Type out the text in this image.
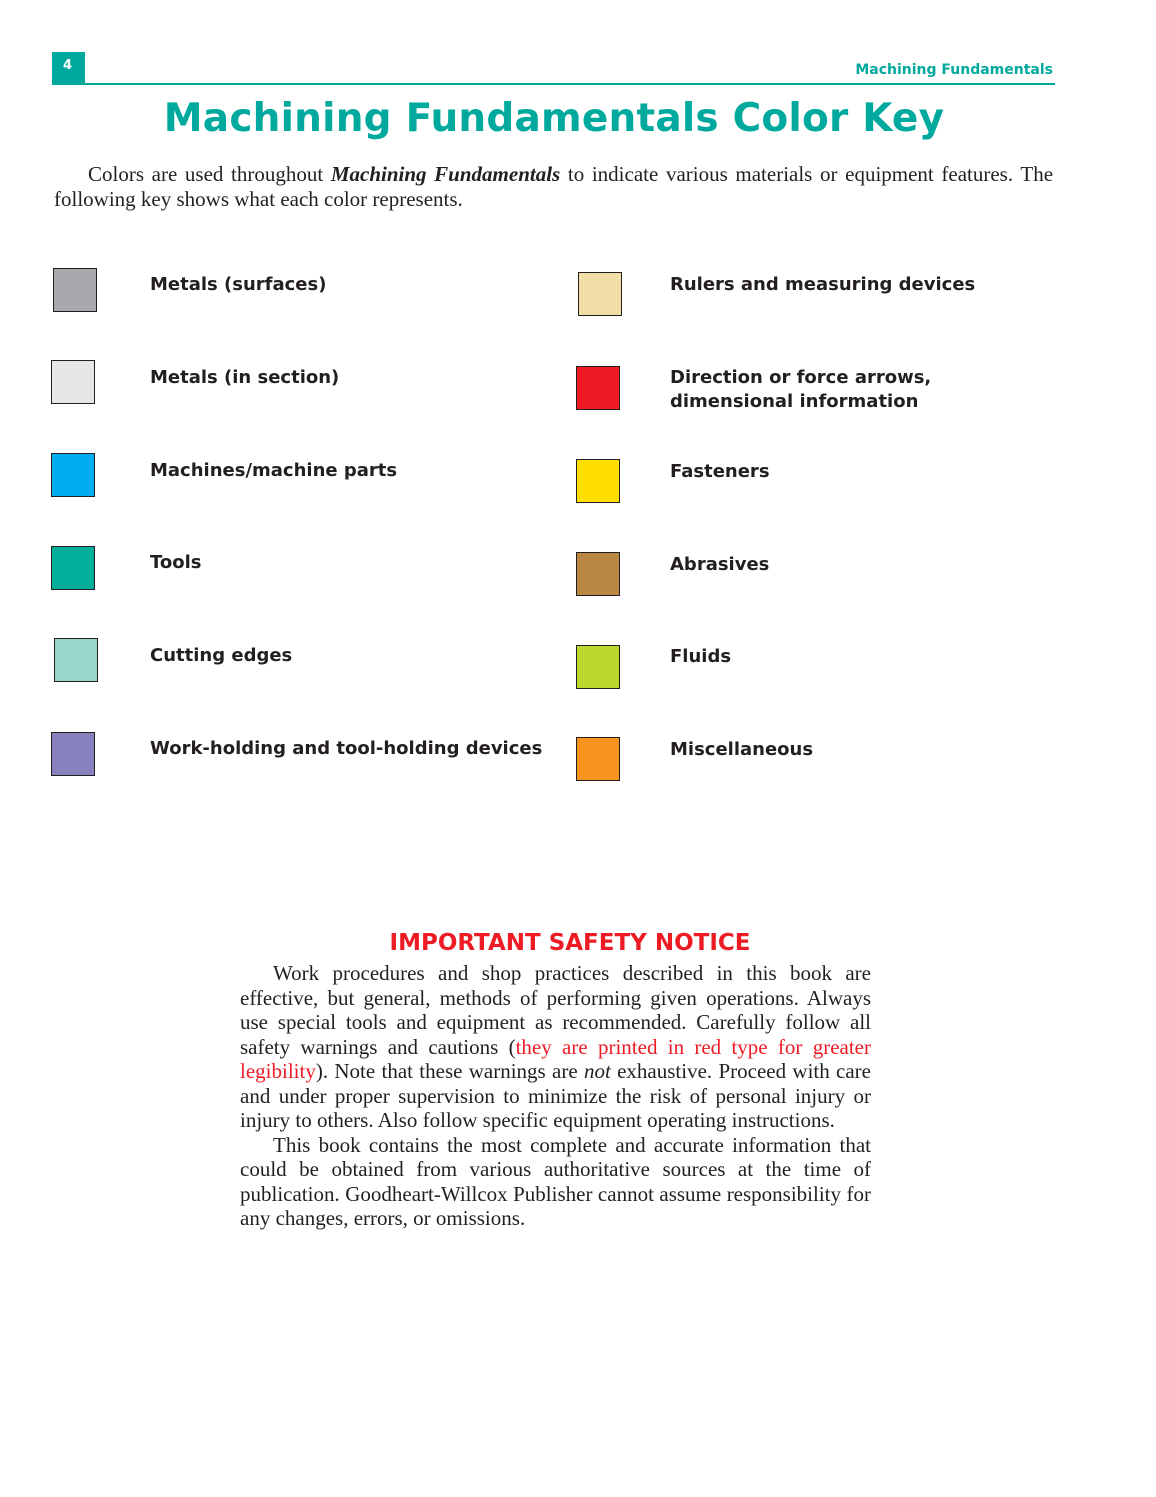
4	Machining Fundamentals
Machining Fundamentals Color Key

Colors are used throughout Machining Fundamentals to indicate various materials or equipment features. The following key shows what each color represents.

Metals (surfaces)
Metals (in section)
Machines/machine parts
Tools
Cutting edges
Work-holding and tool-holding devices
Rulers and measuring devices
Direction or force arrows,
dimensional information
Fasteners
Abrasives
Fluids
Miscellaneous
IMPORTANT SAFETY NOTICE

Work procedures and shop practices described in this book are effective, but general, methods of performing given operations. Always use special tools and equipment as recommended. Carefully follow all safety warnings and cautions (they are printed in red type for greater legibility). Note that these warnings are not exhaustive. Proceed with care and under proper supervision to minimize the risk of personal injury or injury to others. Also follow specific equipment operating instructions.

This book contains the most complete and accurate information that could be obtained from various authoritative sources at the time of publication. Goodheart-Willcox Publisher cannot assume responsibility for any changes, errors, or omissions.
